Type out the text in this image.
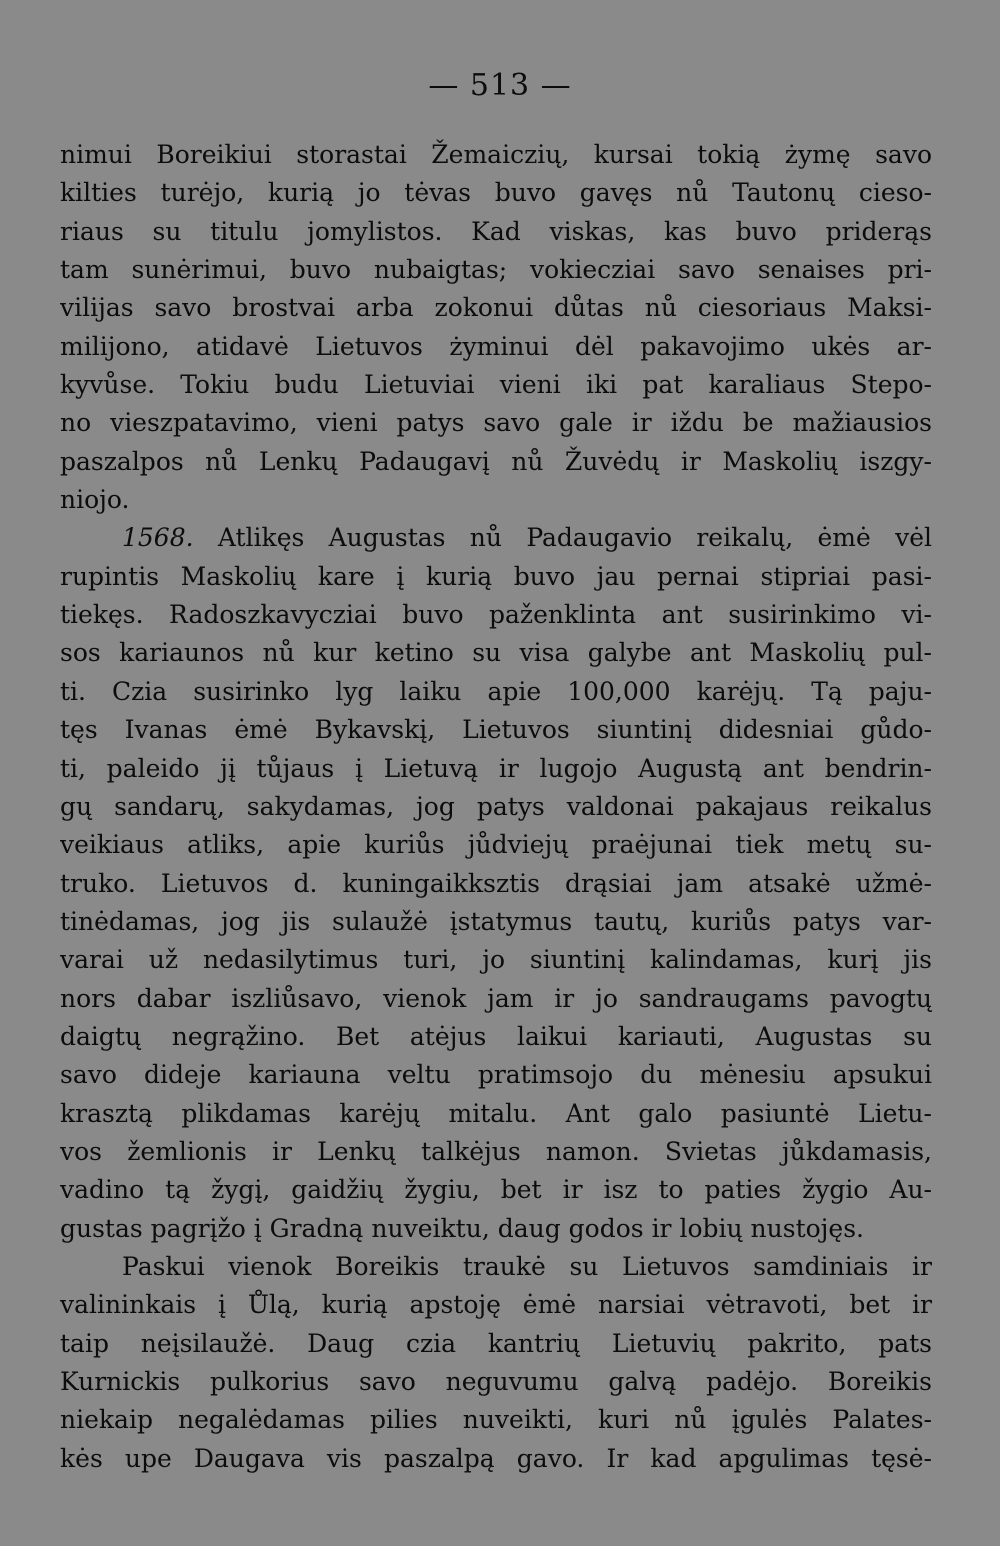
— 513 —
nimui Boreikiui storastai Žemaiczių, kursai tokią żymę savo
kilties turėjo, kurią jo tėvas buvo gavęs nů Tautonų cieso-
riaus su titulu jomylistos. Kad viskas, kas buvo priderąs
tam sunėrimui, buvo nubaigtas; vokiecziai savo senaises pri-
vilijas savo brostvai arba zokonui důtas nů ciesoriaus Maksi-
milijono, atidavė Lietuvos żyminui dėl pakavojimo ukės ar-
kyvůse. Tokiu budu Lietuviai vieni iki pat karaliaus Stepo-
no vieszpatavimo, vieni patys savo gale ir iždu be mažiausios
paszalpos nů Lenkų Padaugavį nů Žuvėdų ir Maskolių iszgy-
niojo.
1568. Atlikęs Augustas nů Padaugavio reikalų, ėmė vėl
rupintis Maskolių kare į kurią buvo jau pernai stipriai pasi-
tiekęs. Radoszkavycziai buvo paženklinta ant susirinkimo vi-
sos kariaunos nů kur ketino su visa galybe ant Maskolių pul-
ti. Czia susirinko lyg laiku apie 100,000 karėjų. Tą paju-
tęs Ivanas ėmė Bykavskį, Lietuvos siuntinį didesniai gůdo-
ti, paleido jį tůjaus į Lietuvą ir lugojo Augustą ant bendrin-
gų sandarų, sakydamas, jog patys valdonai pakajaus reikalus
veikiaus atliks, apie kuriůs jůdviejų praėjunai tiek metų su-
truko. Lietuvos d. kuningaikksztis drąsiai jam atsakė užmė-
tinėdamas, jog jis sulaužė įstatymus tautų, kuriůs patys var-
varai už nedasilytimus turi, jo siuntinį kalindamas, kurį jis
nors dabar iszliůsavo, vienok jam ir jo sandraugams pavogtų
daigtų negrąžino. Bet atėjus laikui kariauti, Augustas su
savo dideje kariauna veltu pratimsojo du mėnesiu apsukui
krasztą plikdamas karėjų mitalu. Ant galo pasiuntė Lietu-
vos žemlionis ir Lenkų talkėjus namon. Svietas jůkdamasis,
vadino tą žygį, gaidžių žygiu, bet ir isz to paties žygio Au-
gustas pagrįžo į Gradną nuveiktu, daug godos ir lobių nustojęs.
Paskui vienok Boreikis traukė su Lietuvos samdiniais ir
valininkais į Ůlą, kurią apstoję ėmė narsiai vėtravoti, bet ir
taip neįsilaužė. Daug czia kantrių Lietuvių pakrito, pats
Kurnickis pulkorius savo neguvumu galvą padėjo. Boreikis
niekaip negalėdamas pilies nuveikti, kuri nů įgulės Palates-
kės upe Daugava vis paszalpą gavo. Ir kad apgulimas tęsė-
